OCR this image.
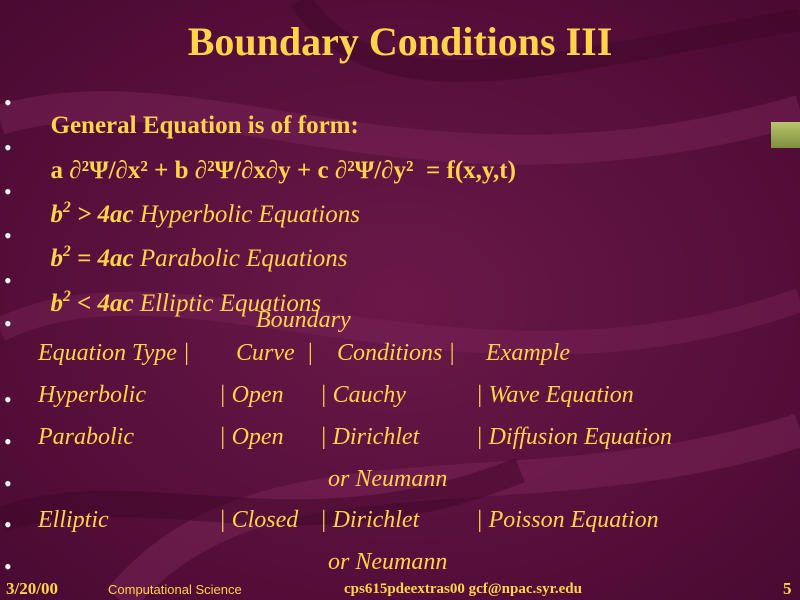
Boundary Conditions III
•
•
•
•
•
•
•
•
•
•
•

General Equation is of form:

a ∂²Ψ/∂x² + b ∂²Ψ/∂x∂y + c ∂²Ψ/∂y²  = f(x,y,t)

$b^2 > 4ac$ Hyperbolic Equations

$b^2 = 4ac$ Parabolic Equations

$b^2 < 4ac$ Elliptic Equations

Boundary
Equation Type | Curve  | Conditions | Example
Hyperbolic	| Open | Cauchy	| Wave Equation
Parabolic	| Open | Dirichlet | Diffusion Equation
or Neumann
Elliptic	| Closed | Dirichlet | Poisson Equation
or Neumann
3/20/00	Computational Science	cps615pdeextras00 gcf@npac.syr.edu	5
